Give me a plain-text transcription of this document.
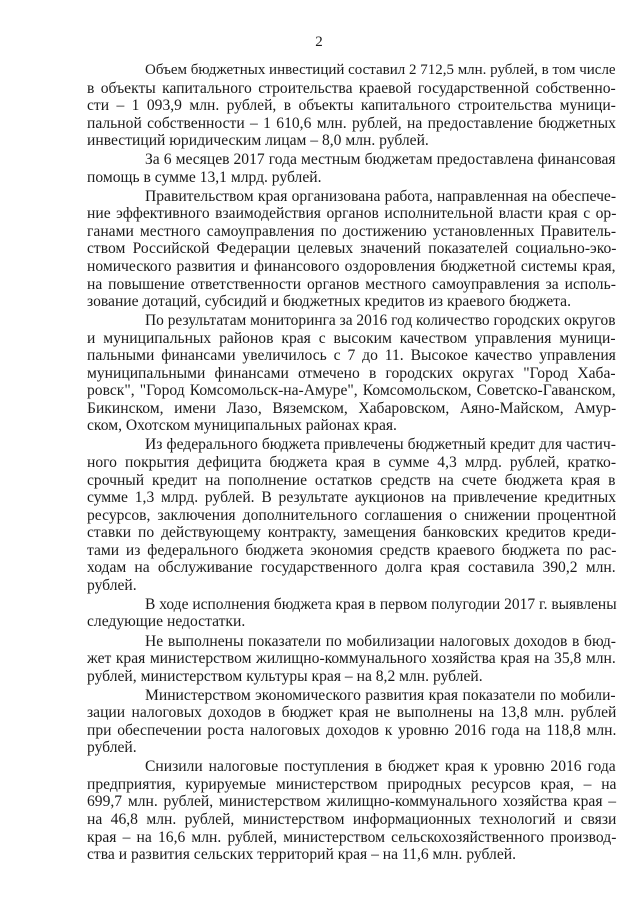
2
Объем бюджетных инвестиций составил 2 712,5 млн. рублей, в том числе
в объекты капитального строительства краевой государственной собственно-
сти – 1 093,9 млн. рублей, в объекты капитального строительства муници-
пальной собственности – 1 610,6 млн. рублей, на предоставление бюджетных
инвестиций юридическим лицам – 8,0 млн. рублей.
За 6 месяцев 2017 года местным бюджетам предоставлена финансовая
помощь в сумме 13,1 млрд. рублей.
Правительством края организована работа, направленная на обеспече-
ние эффективного взаимодействия органов исполнительной власти края с ор-
ганами местного самоуправления по достижению установленных Правитель-
ством Российской Федерации целевых значений показателей социально-эко-
номического развития и финансового оздоровления бюджетной системы края,
на повышение ответственности органов местного самоуправления за исполь-
зование дотаций, субсидий и бюджетных кредитов из краевого бюджета.
По результатам мониторинга за 2016 год количество городских округов
и муниципальных районов края с высоким качеством управления муници-
пальными финансами увеличилось с 7 до 11. Высокое качество управления
муниципальными финансами отмечено в городских округах "Город Хаба-
ровск", "Город Комсомольск-на-Амуре", Комсомольском, Советско-Гаванском,
Бикинском, имени Лазо, Вяземском, Хабаровском, Аяно-Майском, Амур-
ском, Охотском муниципальных районах края.
Из федерального бюджета привлечены бюджетный кредит для частич-
ного покрытия дефицита бюджета края в сумме 4,3 млрд. рублей, кратко-
срочный кредит на пополнение остатков средств на счете бюджета края в
сумме 1,3 млрд. рублей. В результате аукционов на привлечение кредитных
ресурсов, заключения дополнительного соглашения о снижении процентной
ставки по действующему контракту, замещения банковских кредитов креди-
тами из федерального бюджета экономия средств краевого бюджета по рас-
ходам на обслуживание государственного долга края составила 390,2 млн.
рублей.
В ходе исполнения бюджета края в первом полугодии 2017 г. выявлены
следующие недостатки.
Не выполнены показатели по мобилизации налоговых доходов в бюд-
жет края министерством жилищно-коммунального хозяйства края на 35,8 млн.
рублей, министерством культуры края – на 8,2 млн. рублей.
Министерством экономического развития края показатели по мобили-
зации налоговых доходов в бюджет края не выполнены на 13,8 млн. рублей
при обеспечении роста налоговых доходов к уровню 2016 года на 118,8 млн.
рублей.
Снизили налоговые поступления в бюджет края к уровню 2016 года
предприятия, курируемые министерством природных ресурсов края, – на
699,7 млн. рублей, министерством жилищно-коммунального хозяйства края –
на 46,8 млн. рублей, министерством информационных технологий и связи
края – на 16,6 млн. рублей, министерством сельскохозяйственного производ-
ства и развития сельских территорий края – на 11,6 млн. рублей.
